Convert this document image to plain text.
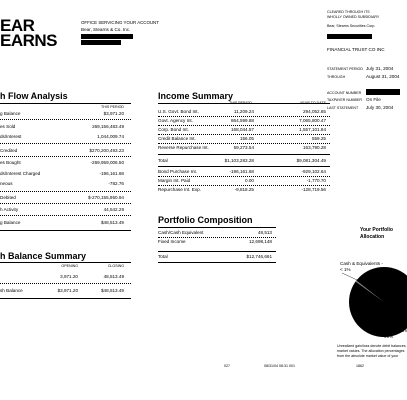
EAR
EARNS
OFFICE SERVICING YOUR ACCOUNT
Bear, Stearns & Co. Inc.
CLEARED THROUGH ITS
WHOLLY OWNED SUBSIDIARY
Bear, Stearns Securities Corp.
FINANCIAL TRUST CO INC
STATEMENT PERIOD July 31, 2004
THROUGH	August 31, 2004
ACCOUNT NUMBER
TAXPAYER NUMBER On File
LAST STATEMENT July 30, 2004
h Flow Analysis
THIS PERIOD
g Balance	$3,971.20
es Sold	269,156,483.49
ds/Interest	1,044,009.74
Credited	$270,200,493.23
es Bought	-269,959,006.50
ds/Interest Charged	-196,161.68
neous	-782.76
Debited	$-270,155,950.94
h Activity	44,542.29
g Balance	$48,513.49
h Balance Summary
OPENING	CLOSING
3,971.20	48,513.49
sh Balance	$3,971.20	$48,513.49
Income Summary
THIS PERIOD	YEAR TO DATE
U.S. Govt. Bond Int.	11,209.24	294,052.65
Govt. Agency Int.	864,599.88	7,065,800.47
Corp. Bond Int.	168,044.57	1,557,101.84
Credit Balance Int.	156.05	559.25
Reverse Repurchase Int.	59,273.54	163,790.28
Total	$1,103,283.28	$9,081,304.49
Bond Purchase Int.	-196,161.68	-929,102.64
Margin Int. Paid	0.00	-1,770.70
Repurchase Int. Exp.	-9,818.25	-128,719.56
Portfolio Composition
Cash/Cash Equivalent	48,513
Fixed Income	12,698,148
Total	$12,746,661
Your Portfolio
Allocation
Cash & Equivalents -
< 1%
Fixed Incom
99%
Unrealized gain/loss denote debit balances.
market values. The allocation percentages
from the absolute market value of your
027	08/31/04 08:31 001	1862
